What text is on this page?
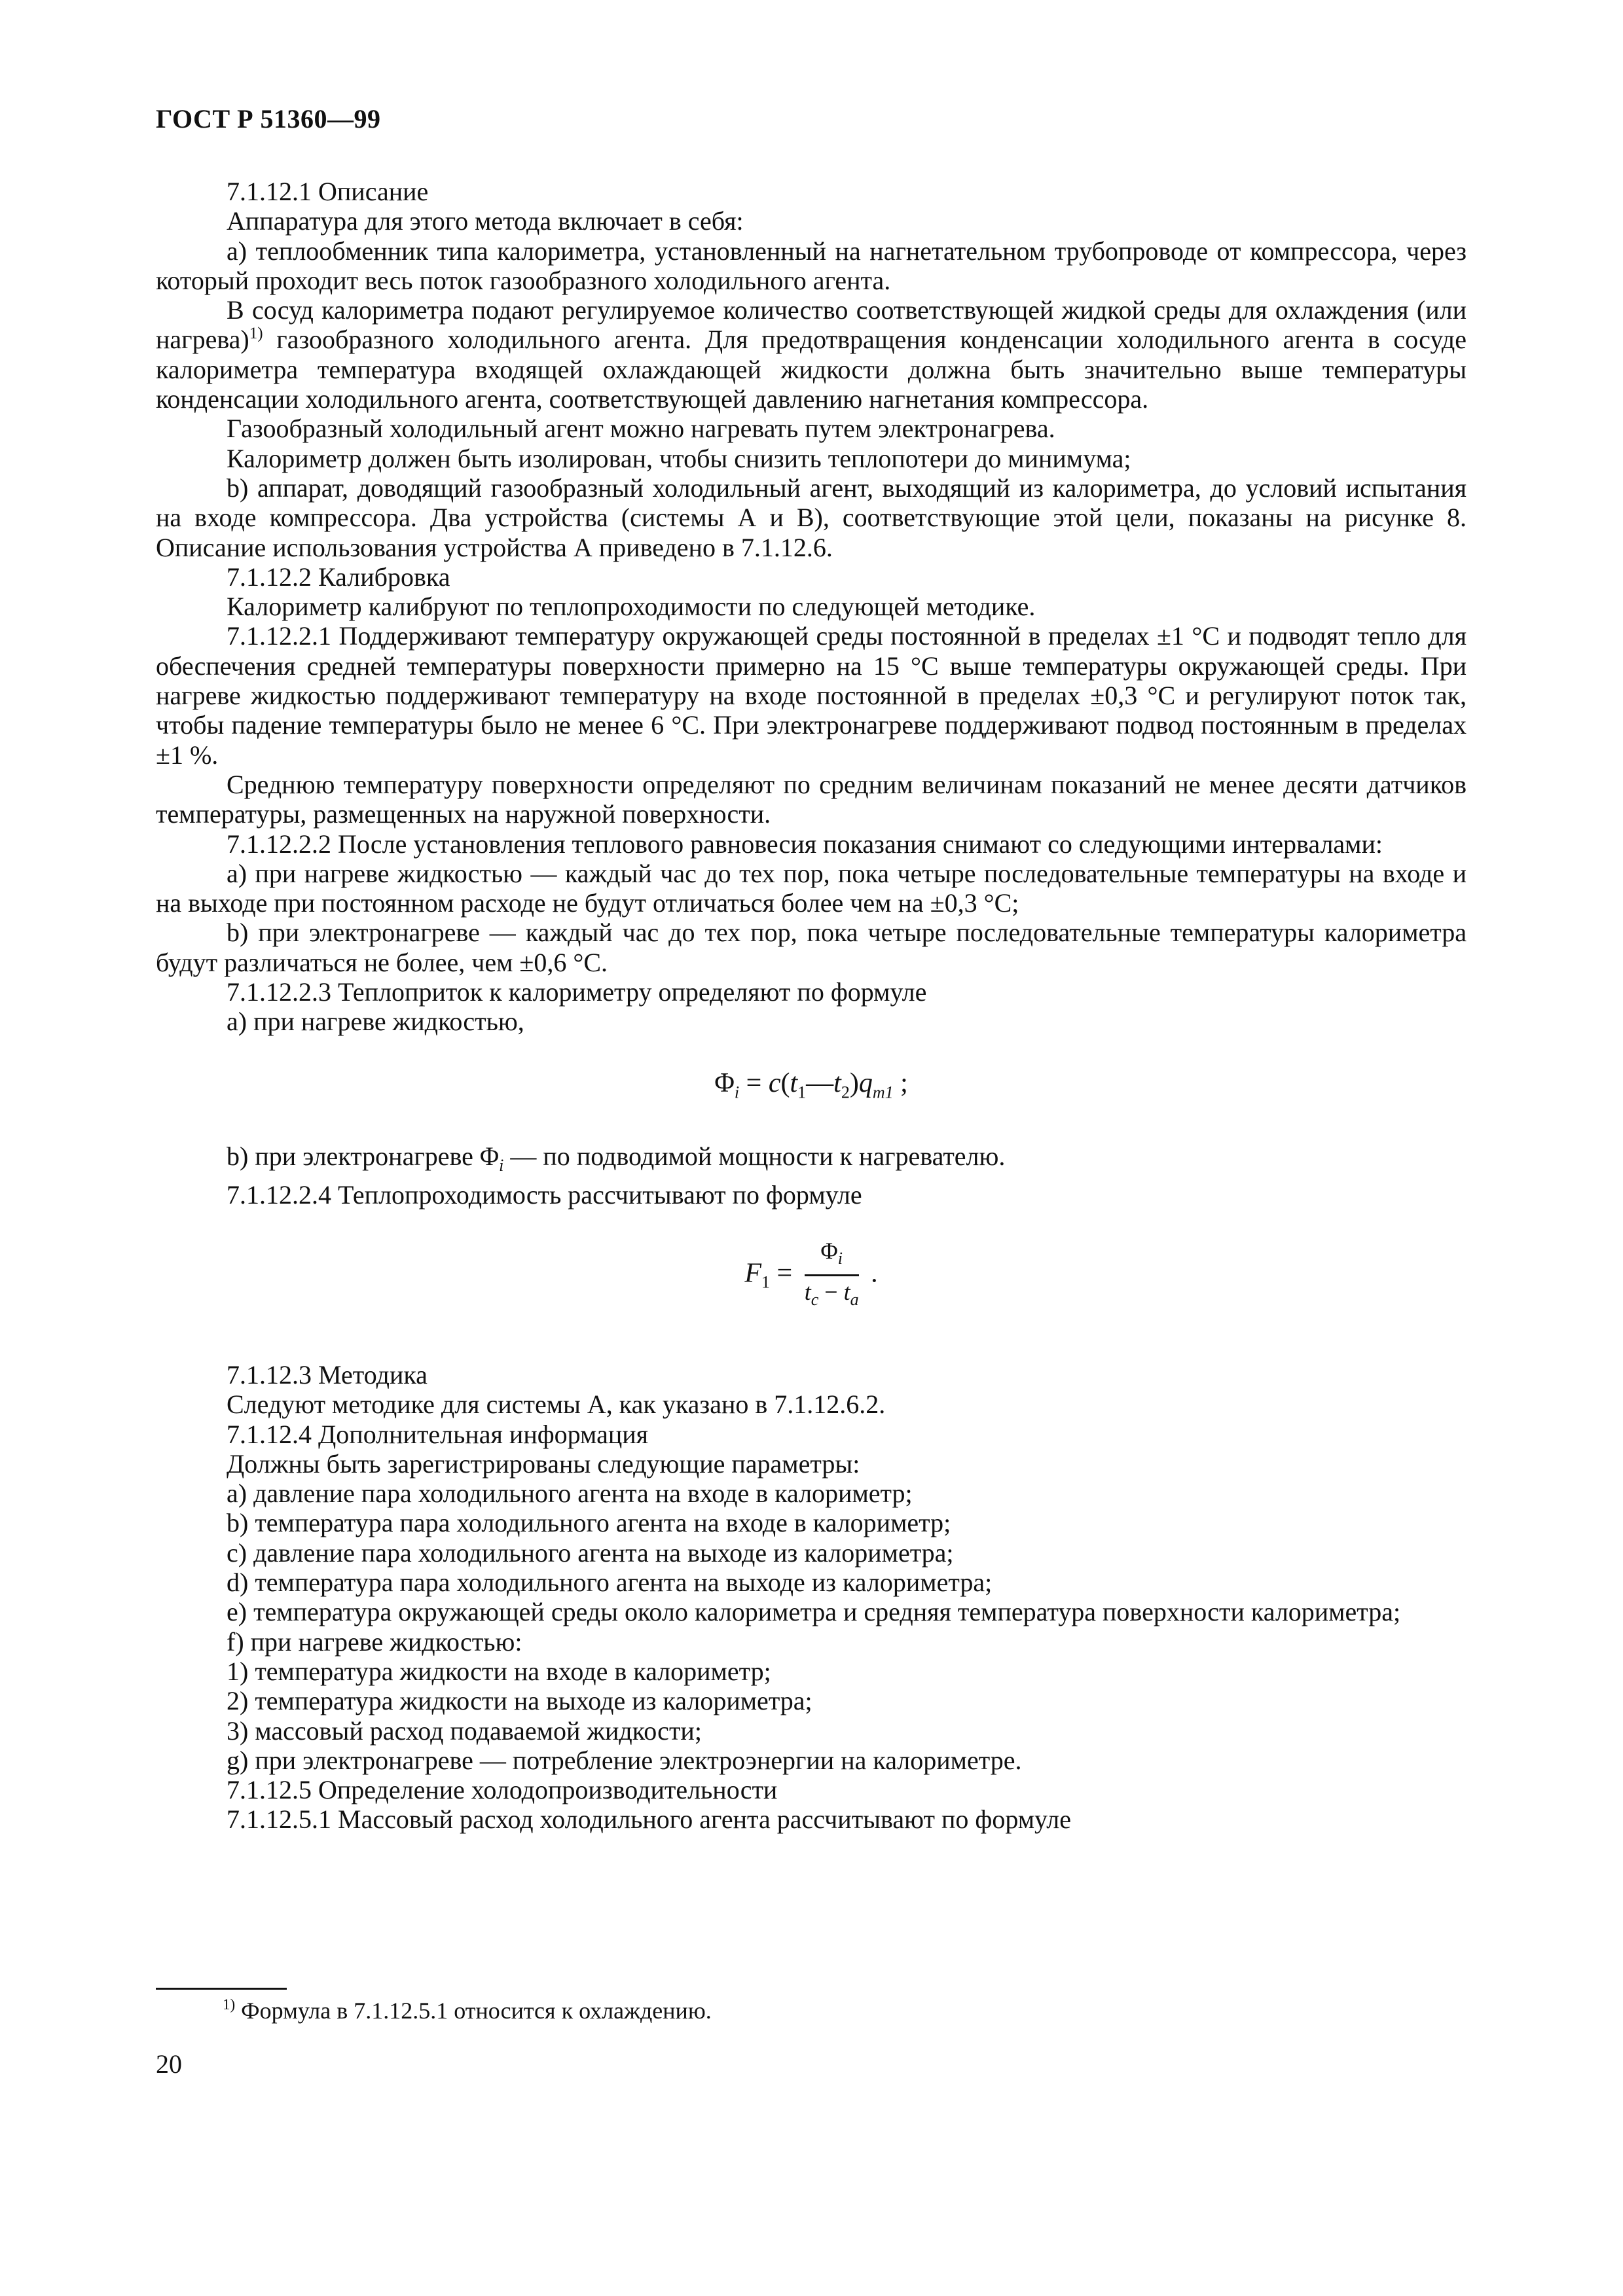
ГОСТ Р 51360—99

7.1.12.1 Описание

Аппаратура для этого метода включает в себя:

а) теплообменник типа калориметра, установленный на нагнетательном трубопроводе от компрессора, через который проходит весь поток газообразного холодильного агента.

В сосуд калориметра подают регулируемое количество соответствующей жидкой среды для охлаждения (или нагрева)$^{1)}$ газообразного холодильного агента. Для предотвращения конденсации холодильного агента в сосуде калориметра температура входящей охлаждающей жидкости должна быть значительно выше температуры конденсации холодильного агента, соответствующей давлению нагнетания компрессора.

Газообразный холодильный агент можно нагревать путем электронагрева.

Калориметр должен быть изолирован, чтобы снизить теплопотери до минимума;

b) аппарат, доводящий газообразный холодильный агент, выходящий из калориметра, до условий испытания на входе компрессора. Два устройства (системы А и В), соответствующие этой цели, показаны на рисунке 8. Описание использования устройства А приведено в 7.1.12.6.

7.1.12.2 Калибровка

Калориметр калибруют по теплопроходимости по следующей методике.

7.1.12.2.1 Поддерживают температуру окружающей среды постоянной в пределах ±1 °С и подводят тепло для обеспечения средней температуры поверхности примерно на 15 °С выше температуры окружающей среды. При нагреве жидкостью поддерживают температуру на входе постоянной в пределах ±0,3 °С и регулируют поток так, чтобы падение температуры было не менее 6 °С. При электронагреве поддерживают подвод постоянным в пределах ±1 %.

Среднюю температуру поверхности определяют по средним величинам показаний не менее десяти датчиков температуры, размещенных на наружной поверхности.

7.1.12.2.2 После установления теплового равновесия показания снимают со следующими интервалами:

а) при нагреве жидкостью — каждый час до тех пор, пока четыре последовательные температуры на входе и на выходе при постоянном расходе не будут отличаться более чем на ±0,3 °С;

b) при электронагреве — каждый час до тех пор, пока четыре последовательные температуры калориметра будут различаться не более, чем ±0,6 °С.

7.1.12.2.3 Теплоприток к калориметру определяют по формуле

а) при нагреве жидкостью,

$\Phi_i$ = $c(t_1—t_2)q_{m1}$ ;

b) при электронагреве $\Phi_i$ — по подводимой мощности к нагревателю.

7.1.12.2.4 Теплопроходимость рассчитывают по формуле

$F_1 = \frac{\Phi_i}{t_c - t_a}$ .

7.1.12.3 Методика

Следуют методике для системы А, как указано в 7.1.12.6.2.

7.1.12.4 Дополнительная информация

Должны быть зарегистрированы следующие параметры:

а) давление пара холодильного агента на входе в калориметр;

b) температура пара холодильного агента на входе в калориметр;

с) давление пара холодильного агента на выходе из калориметра;

d) температура пара холодильного агента на выходе из калориметра;

е) температура окружающей среды около калориметра и средняя температура поверхности калориметра;

f) при нагреве жидкостью:

1) температура жидкости на входе в калориметр;

2) температура жидкости на выходе из калориметра;

3) массовый расход подаваемой жидкости;

g) при электронагреве — потребление электроэнергии на калориметре.

7.1.12.5 Определение холодопроизводительности

7.1.12.5.1 Массовый расход холодильного агента рассчитывают по формуле

$^{1)}$ Формула в 7.1.12.5.1 относится к охлаждению.
20
